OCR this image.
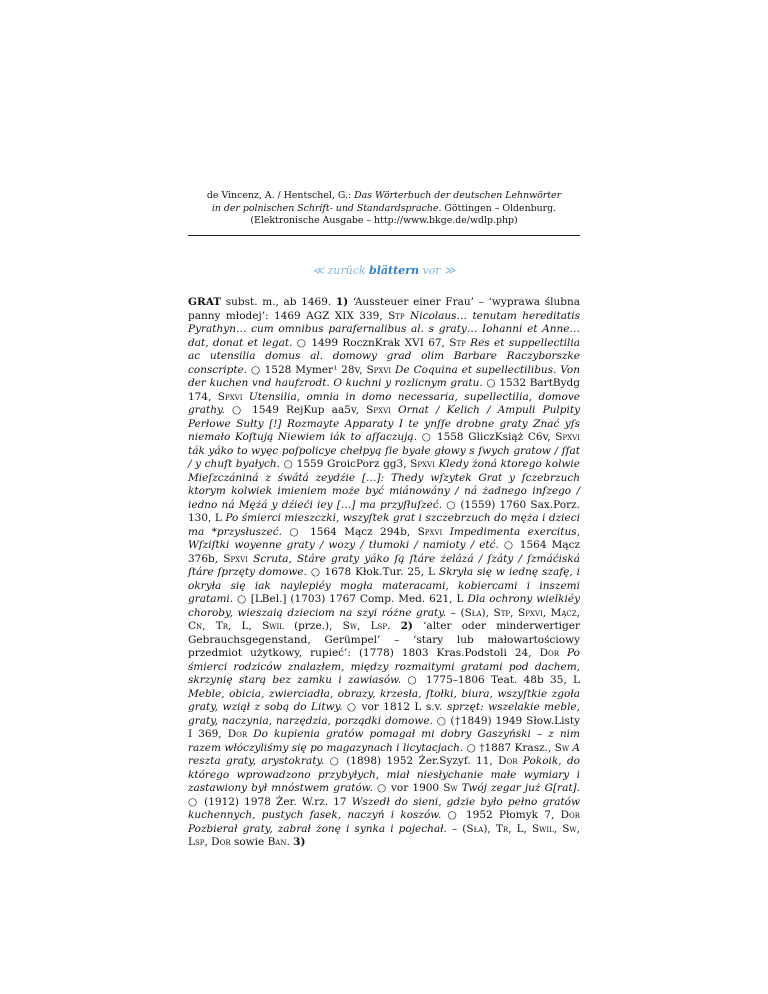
de Vincenz, A. / Hentschel, G.: Das Wörterbuch der deutschen Lehnwörter
in der polnischen Schrift- und Standardsprache. Göttingen – Oldenburg.
(Elektronische Ausgabe – http://www.bkge.de/wdlp.php)
≪ zurück blättern vor ≫

GRAT subst. m., ab 1469. 1) ‘Aussteuer einer Frau’ – ‘wyprawa ślubna panny młodej’: 1469 AGZ XIX 339, Stp Nicolaus… tenutam hereditatis Pyrathyn… cum omnibus parafernalibus al. s graty… Iohanni et Anne… dat, donat et legat. ○ 1499 RocznKrak XVI 67, Stp Res et suppellectilia ac utensilia domus al. domowy grad olim Barbare Raczyborszke conscripte. ○ 1528 Mymer¹ 28v, Spxvi De Coquina et supellectilibus. Von der kuchen vnd haufzrodt. O kuchni y rozlicnym gratu. ○ 1532 BartBydg 174, Spxvi Utensilia, omnia in domo necessaria, supellectilia, domove grathy. ○ 1549 RejKup aa5v, Spxvi Ornat / Kelich / Ampuli Pulpity Perłowe Sułty [!] Rozmayte Apparaty I te ynſſe drobne graty Znać yſs niemało Koſtują Niewiem iák to aſſaczują. ○ 1558 GliczKsiąż C6v, Spxvi ták yáko to wyęc poſpolicye chełpyą ſie byałe głowy s ſwych gratow / ſſat / y chuſt byałych. ○ 1559 GroicPorz gg3, Spxvi Kledy żoná ktorego kolwie Mieſzczániná z śwátá zeydźie […]: Thedy wſzytek Grat y ſczebrzuch ktorym kolwiek imieniem może być miánowány / ná żadnego inſzego / iedno ná Mężá y dźieći iey […] ma przyſłuſzeć. ○ (1559) 1760 Sax.Porz. 130, L Po śmierci mieszczki, wszyſtek grat i szczebrzuch do męża i dzieci ma *przysłuszeć. ○ 1564 Mącz 294b, Spxvi Impedimenta exercitus, Wſziſtki woyenne graty / wozy / tłumoki / namioty / etć. ○ 1564 Mącz 376b, Spxvi Scruta, Stáre graty yáko ſą ſtáre żelázá / ſzáty / ſzmáćiská ſtáre ſprzęty domowe. ○ 1678 Kłok.Tur. 25, L Skryła się w iednę szafę, i okryła się iak naylepiéy mogła materacami, kobiercami i inszemi gratami. ○ [LBel.] (1703) 1767 Comp. Med. 621, L Dla ochrony wielkiéy choroby, wieszaią dzieciom na szyi różne graty. – (Sła), Stp, Spxvi, Mącz, Cn, Tr, L, Swil (prze.), Sw, Lsp. 2) ‘alter oder minderwertiger Gebrauchsgegenstand, Gerümpel’ – ‘stary lub małowartościowy przedmiot użytkowy, rupieć’: (1778) 1803 Kras.Podstoli 24, Dor Po śmierci rodziców znalazłem, między rozmaitymi gratami pod dachem, skrzynię starą bez zamku i zawiasów. ○ 1775–1806 Teat. 48b 35, L Meble, obicia, zwierciadła, obrazy, krzesła, ſtołki, biura, wszyſtkie zgoła graty, wziął z sobą do Litwy. ○ vor 1812 L s.v. sprzęt: wszelakie meble, graty, naczynia, narzędzia, porządki domowe. ○ (†1849) 1949 Słow.Listy I 369, Dor Do kupienia gratów pomagał mi dobry Gaszyński – z nim razem włóczyliśmy się po magazynach i licytacjach. ○ †1887 Krasz., Sw A reszta graty, arystokraty. ○ (1898) 1952 Żer.Syzyf. 11, Dor Pokoik, do którego wprowadzono przybyłych, miał niesłychanie małe wymiary i zastawiony był mnóstwem gratów. ○ vor 1900 Sw Twój zegar już G[rat]. ○ (1912) 1978 Żer. W.rz. 17 Wszedł do sieni, gdzie było pełno gratów kuchennych, pustych fasek, naczyń i koszów. ○ 1952 Płomyk 7, Dor Pozbierał graty, zabrał żonę i synka i pojechał. – (Sła), Tr, L, Swil, Sw, Lsp, Dor sowie Ban. 3)
